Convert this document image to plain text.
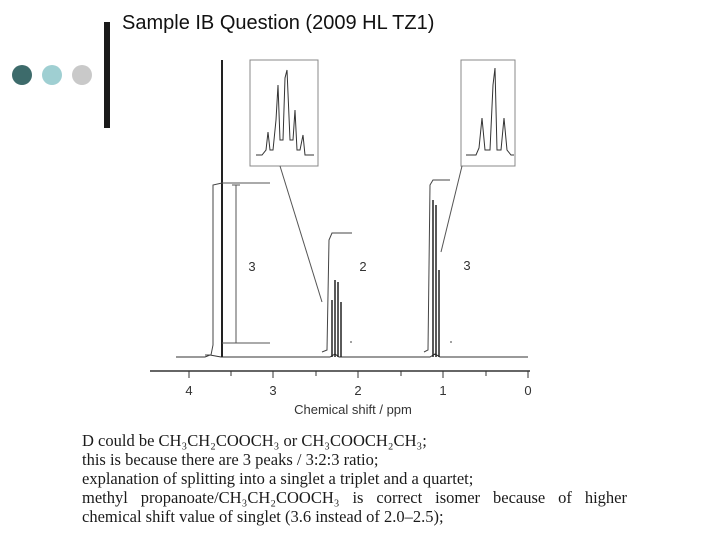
Sample IB Question (2009 HL TZ1)
4	3	2	1	0
Chemical shift / ppm
3	2	3
D could be CH₃CH₂COOCH₃ or CH₃COOCH₂CH₃;
this is because there are 3 peaks / 3:2:3 ratio;
explanation of splitting into a singlet a triplet and a quartet;
methyl propanoate/CH₃CH₂COOCH₃ is correct isomer because of higher
chemical shift value of singlet (3.6 instead of 2.0–2.5);
